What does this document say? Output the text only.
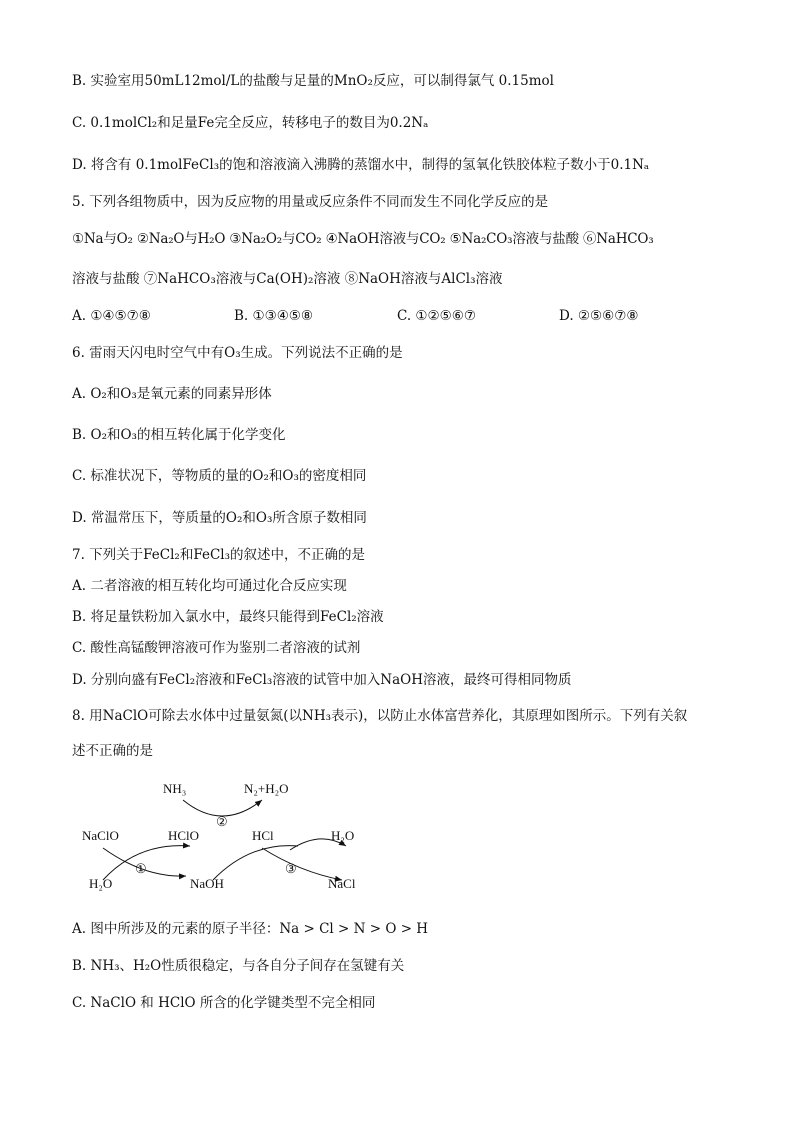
B. 实验室用50mL12mol/L的盐酸与足量的MnO₂反应，可以制得氯气 0.15mol
C. 0.1molCl₂和足量Fe完全反应，转移电子的数目为0.2Nₐ
D. 将含有 0.1molFeCl₃的饱和溶液滴入沸腾的蒸馏水中，制得的氢氧化铁胶体粒子数小于0.1Nₐ
5. 下列各组物质中，因为反应物的用量或反应条件不同而发生不同化学反应的是
①Na与O₂ ②Na₂O与H₂O ③Na₂O₂与CO₂ ④NaOH溶液与CO₂ ⑤Na₂CO₃溶液与盐酸 ⑥NaHCO₃
溶液与盐酸 ⑦NaHCO₃溶液与Ca(OH)₂溶液 ⑧NaOH溶液与AlCl₃溶液
A. ①④⑤⑦⑧	B. ①③④⑤⑧	C. ①②⑤⑥⑦	D. ②⑤⑥⑦⑧
6. 雷雨天闪电时空气中有O₃生成。下列说法不正确的是
A. O₂和O₃是氧元素的同素异形体
B. O₂和O₃的相互转化属于化学变化
C. 标准状况下，等物质的量的O₂和O₃的密度相同
D. 常温常压下，等质量的O₂和O₃所含原子数相同
7. 下列关于FeCl₂和FeCl₃的叙述中，不正确的是
A. 二者溶液的相互转化均可通过化合反应实现
B. 将足量铁粉加入氯水中，最终只能得到FeCl₂溶液
C. 酸性高锰酸钾溶液可作为鉴别二者溶液的试剂
D. 分别向盛有FeCl₂溶液和FeCl₃溶液的试管中加入NaOH溶液，最终可得相同物质
8. 用NaClO可除去水体中过量氨氮(以NH₃表示)，以防止水体富营养化，其原理如图所示。下列有关叙
述不正确的是
NH₃	N₂+H₂O
②
NaClO	HClO	HCl	H₂O
①	③
H₂O	NaOH	NaCl
A. 图中所涉及的元素的原子半径：Na > Cl > N > O > H
B. NH₃、H₂O性质很稳定，与各自分子间存在氢键有关
C. NaClO 和 HClO 所含的化学键类型不完全相同
